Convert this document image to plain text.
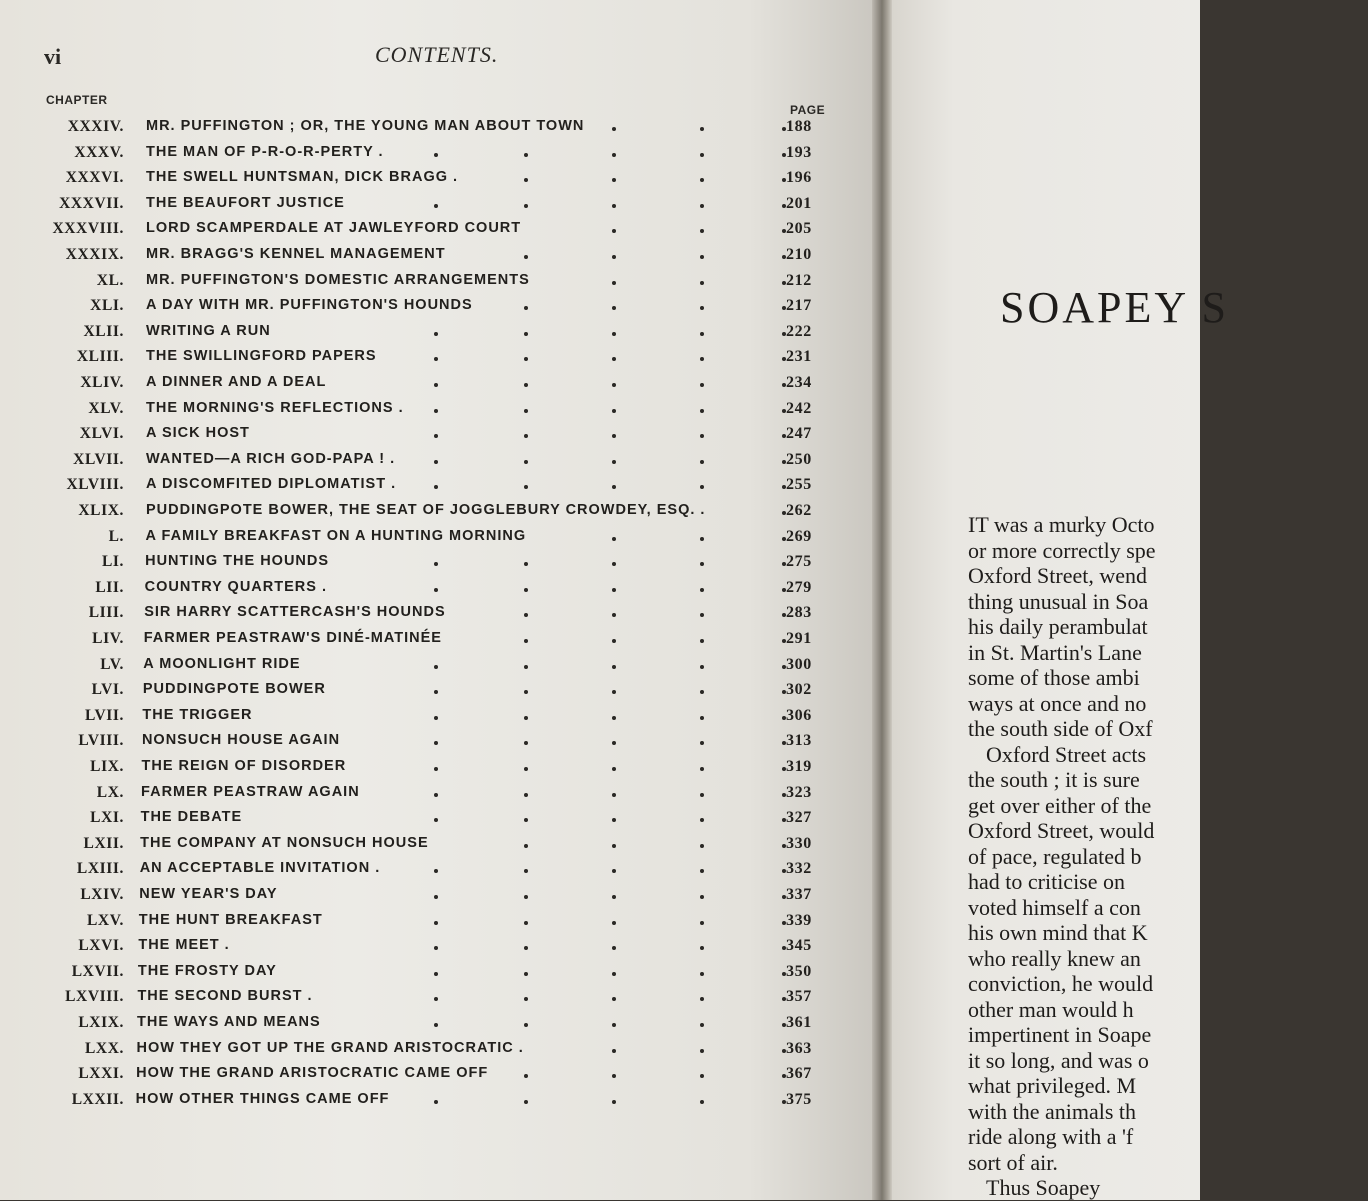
vi	CONTENTS.
CHAPTER
PAGE
XXXIV. MR. PUFFINGTON ; OR, THE YOUNG MAN ABOUT TOWN	188
XXXV. THE MAN OF P-R-O-R-PERTY .	193
XXXVI. THE SWELL HUNTSMAN, DICK BRAGG .	196
XXXVII. THE BEAUFORT JUSTICE	201
XXXVIII. LORD SCAMPERDALE AT JAWLEYFORD COURT	205
XXXIX. MR. BRAGG'S KENNEL MANAGEMENT	210
XL. MR. PUFFINGTON'S DOMESTIC ARRANGEMENTS	212
XLI. A DAY WITH MR. PUFFINGTON'S HOUNDS	217
XLII. WRITING A RUN	222
XLIII. THE SWILLINGFORD PAPERS	231
XLIV. A DINNER AND A DEAL	234
XLV. THE MORNING'S REFLECTIONS .	242
XLVI. A SICK HOST	247
XLVII. WANTED—A RICH GOD-PAPA ! .	250
XLVIII. A DISCOMFITED DIPLOMATIST .	255
XLIX. PUDDINGPOTE BOWER, THE SEAT OF JOGGLEBURY CROWDEY, ESQ. .	262
L. A FAMILY BREAKFAST ON A HUNTING MORNING	269
LI. HUNTING THE HOUNDS	275
LII. COUNTRY QUARTERS .	279
LIII. SIR HARRY SCATTERCASH'S HOUNDS	283
LIV. FARMER PEASTRAW'S DINÉ-MATINÉE	291
LV. A MOONLIGHT RIDE	300
LVI. PUDDINGPOTE BOWER	302
LVII. THE TRIGGER	306
LVIII. NONSUCH HOUSE AGAIN	313
LIX. THE REIGN OF DISORDER	319
LX. FARMER PEASTRAW AGAIN	323
LXI. THE DEBATE	327
LXII. THE COMPANY AT NONSUCH HOUSE	330
LXIII. AN ACCEPTABLE INVITATION .	332
LXIV. NEW YEAR'S DAY	337
LXV. THE HUNT BREAKFAST	339
LXVI. THE MEET .	345
LXVII. THE FROSTY DAY	350
LXVIII. THE SECOND BURST .	357
LXIX. THE WAYS AND MEANS	361
LXX. HOW THEY GOT UP THE GRAND ARISTOCRATIC .	363
LXXI. HOW THE GRAND ARISTOCRATIC CAME OFF	367
LXXII. HOW OTHER THINGS CAME OFF	375
SOAPEY S
IT was a murky Octo
or more correctly spe
Oxford Street, wend
thing unusual in Soa
his daily perambulat
in St. Martin's Lane
some of those ambi
ways at once and no
the south side of Oxf
Oxford Street acts
the south ; it is sure
get over either of the
Oxford Street, would
of pace, regulated b
had to criticise on
voted himself a con
his own mind that K
who really knew an
conviction, he would
other man would h
impertinent in Soape
it so long, and was o
what privileged. M
with the animals th
ride along with a 'f
sort of air.
Thus Soapey
